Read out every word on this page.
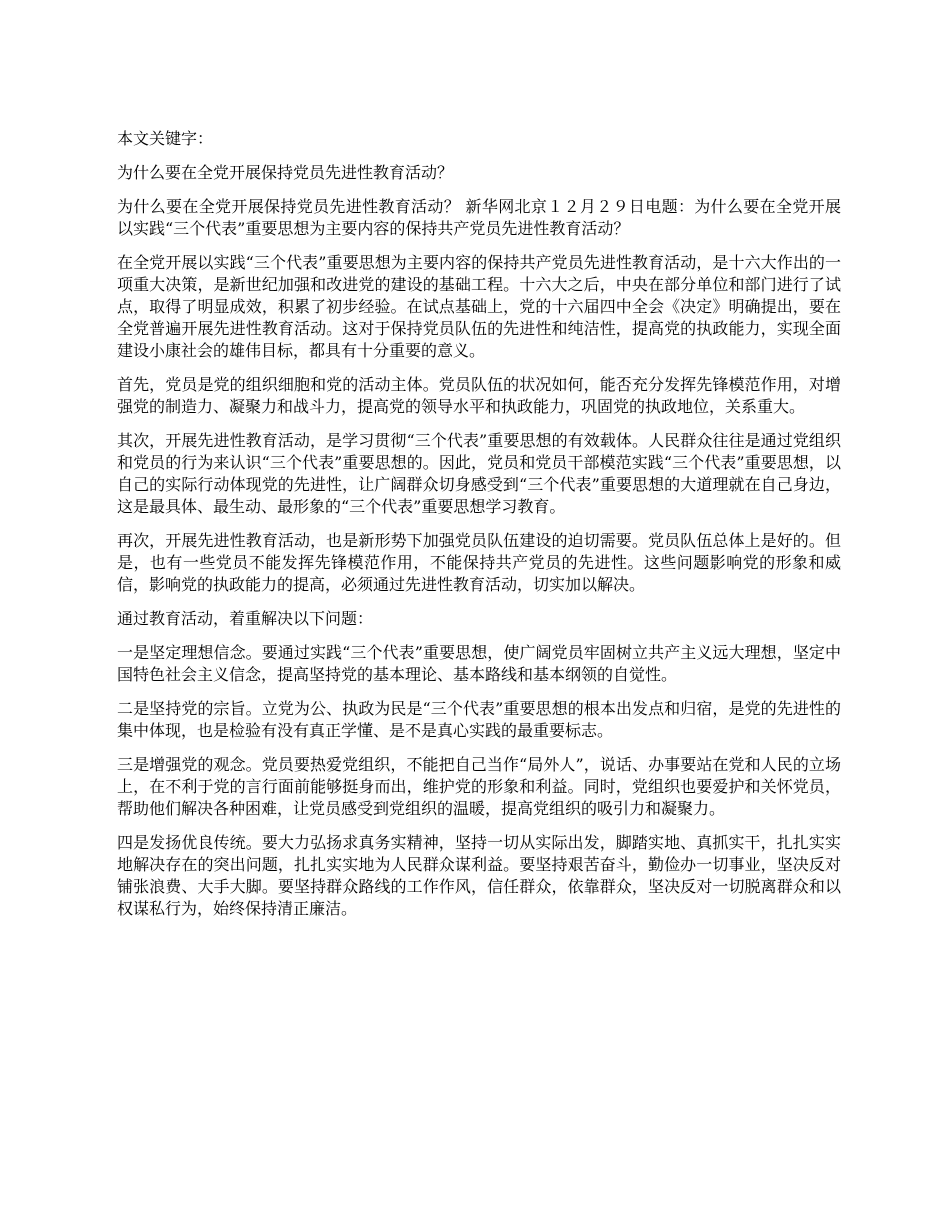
本文关键字：

为什么要在全党开展保持党员先进性教育活动？

为什么要在全党开展保持党员先进性教育活动？ 新华网北京１２月２９日电题：为什么要在全党开展以实践“三个代表”重要思想为主要内容的保持共产党员先进性教育活动？

在全党开展以实践“三个代表”重要思想为主要内容的保持共产党员先进性教育活动，是十六大作出的一项重大决策，是新世纪加强和改进党的建设的基础工程。十六大之后，中央在部分单位和部门进行了试点，取得了明显成效，积累了初步经验。在试点基础上，党的十六届四中全会《决定》明确提出，要在全党普遍开展先进性教育活动。这对于保持党员队伍的先进性和纯洁性，提高党的执政能力，实现全面建设小康社会的雄伟目标，都具有十分重要的意义。

首先，党员是党的组织细胞和党的活动主体。党员队伍的状况如何，能否充分发挥先锋模范作用，对增强党的制造力、凝聚力和战斗力，提高党的领导水平和执政能力，巩固党的执政地位，关系重大。

其次，开展先进性教育活动，是学习贯彻“三个代表”重要思想的有效载体。人民群众往往是通过党组织和党员的行为来认识“三个代表”重要思想的。因此，党员和党员干部模范实践“三个代表”重要思想，以自己的实际行动体现党的先进性，让广阔群众切身感受到“三个代表”重要思想的大道理就在自己身边，这是最具体、最生动、最形象的“三个代表”重要思想学习教育。

再次，开展先进性教育活动，也是新形势下加强党员队伍建设的迫切需要。党员队伍总体上是好的。但是，也有一些党员不能发挥先锋模范作用，不能保持共产党员的先进性。这些问题影响党的形象和威信，影响党的执政能力的提高，必须通过先进性教育活动，切实加以解决。

通过教育活动，着重解决以下问题：

一是坚定理想信念。要通过实践“三个代表”重要思想，使广阔党员牢固树立共产主义远大理想，坚定中国特色社会主义信念，提高坚持党的基本理论、基本路线和基本纲领的自觉性。

二是坚持党的宗旨。立党为公、执政为民是“三个代表”重要思想的根本出发点和归宿，是党的先进性的集中体现，也是检验有没有真正学懂、是不是真心实践的最重要标志。

三是增强党的观念。党员要热爱党组织，不能把自己当作“局外人”，说话、办事要站在党和人民的立场上，在不利于党的言行面前能够挺身而出，维护党的形象和利益。同时，党组织也要爱护和关怀党员，帮助他们解决各种困难，让党员感受到党组织的温暖，提高党组织的吸引力和凝聚力。

四是发扬优良传统。要大力弘扬求真务实精神，坚持一切从实际出发，脚踏实地、真抓实干，扎扎实实地解决存在的突出问题，扎扎实实地为人民群众谋利益。要坚持艰苦奋斗，勤俭办一切事业，坚决反对铺张浪费、大手大脚。要坚持群众路线的工作作风，信任群众，依靠群众，坚决反对一切脱离群众和以权谋私行为，始终保持清正廉洁。
